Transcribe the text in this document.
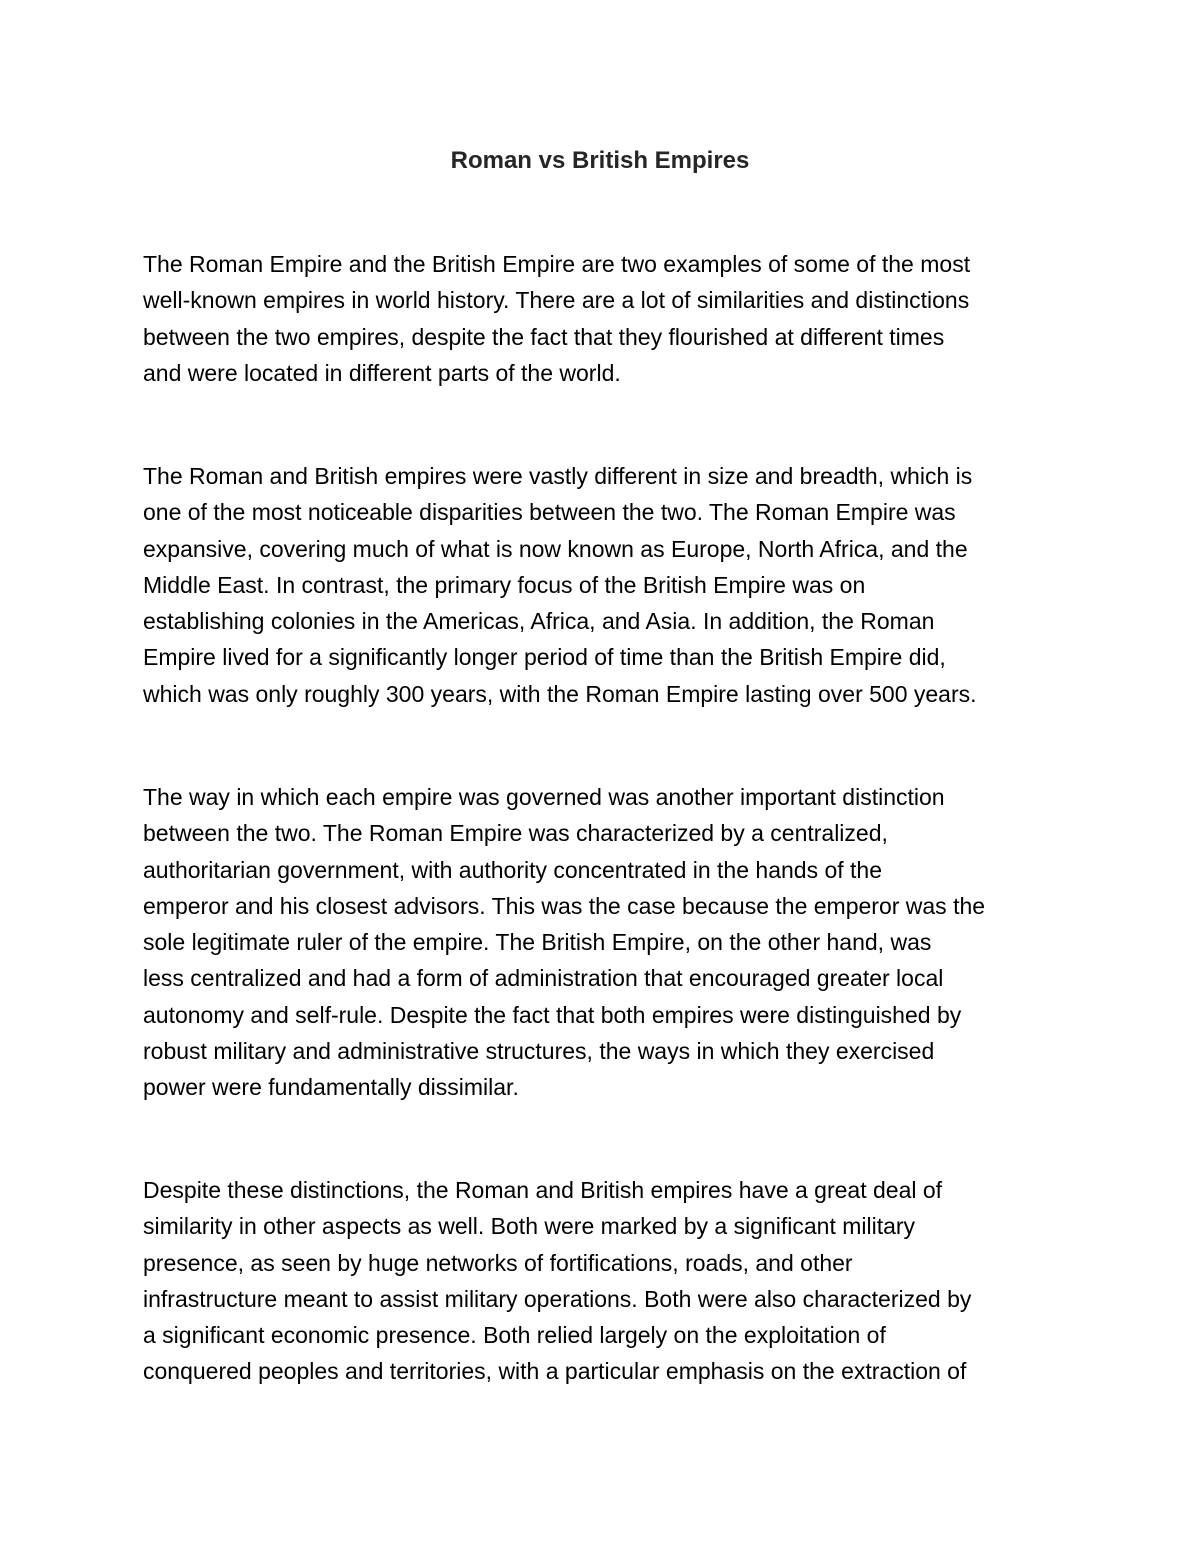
Roman vs British Empires

The Roman Empire and the British Empire are two examples of some of the most
well-known empires in world history. There are a lot of similarities and distinctions
between the two empires, despite the fact that they flourished at different times
and were located in different parts of the world.

The Roman and British empires were vastly different in size and breadth, which is
one of the most noticeable disparities between the two. The Roman Empire was
expansive, covering much of what is now known as Europe, North Africa, and the
Middle East. In contrast, the primary focus of the British Empire was on
establishing colonies in the Americas, Africa, and Asia. In addition, the Roman
Empire lived for a significantly longer period of time than the British Empire did,
which was only roughly 300 years, with the Roman Empire lasting over 500 years.

The way in which each empire was governed was another important distinction
between the two. The Roman Empire was characterized by a centralized,
authoritarian government, with authority concentrated in the hands of the
emperor and his closest advisors. This was the case because the emperor was the
sole legitimate ruler of the empire. The British Empire, on the other hand, was
less centralized and had a form of administration that encouraged greater local
autonomy and self-rule. Despite the fact that both empires were distinguished by
robust military and administrative structures, the ways in which they exercised
power were fundamentally dissimilar.

Despite these distinctions, the Roman and British empires have a great deal of
similarity in other aspects as well. Both were marked by a significant military
presence, as seen by huge networks of fortifications, roads, and other
infrastructure meant to assist military operations. Both were also characterized by
a significant economic presence. Both relied largely on the exploitation of
conquered peoples and territories, with a particular emphasis on the extraction of
